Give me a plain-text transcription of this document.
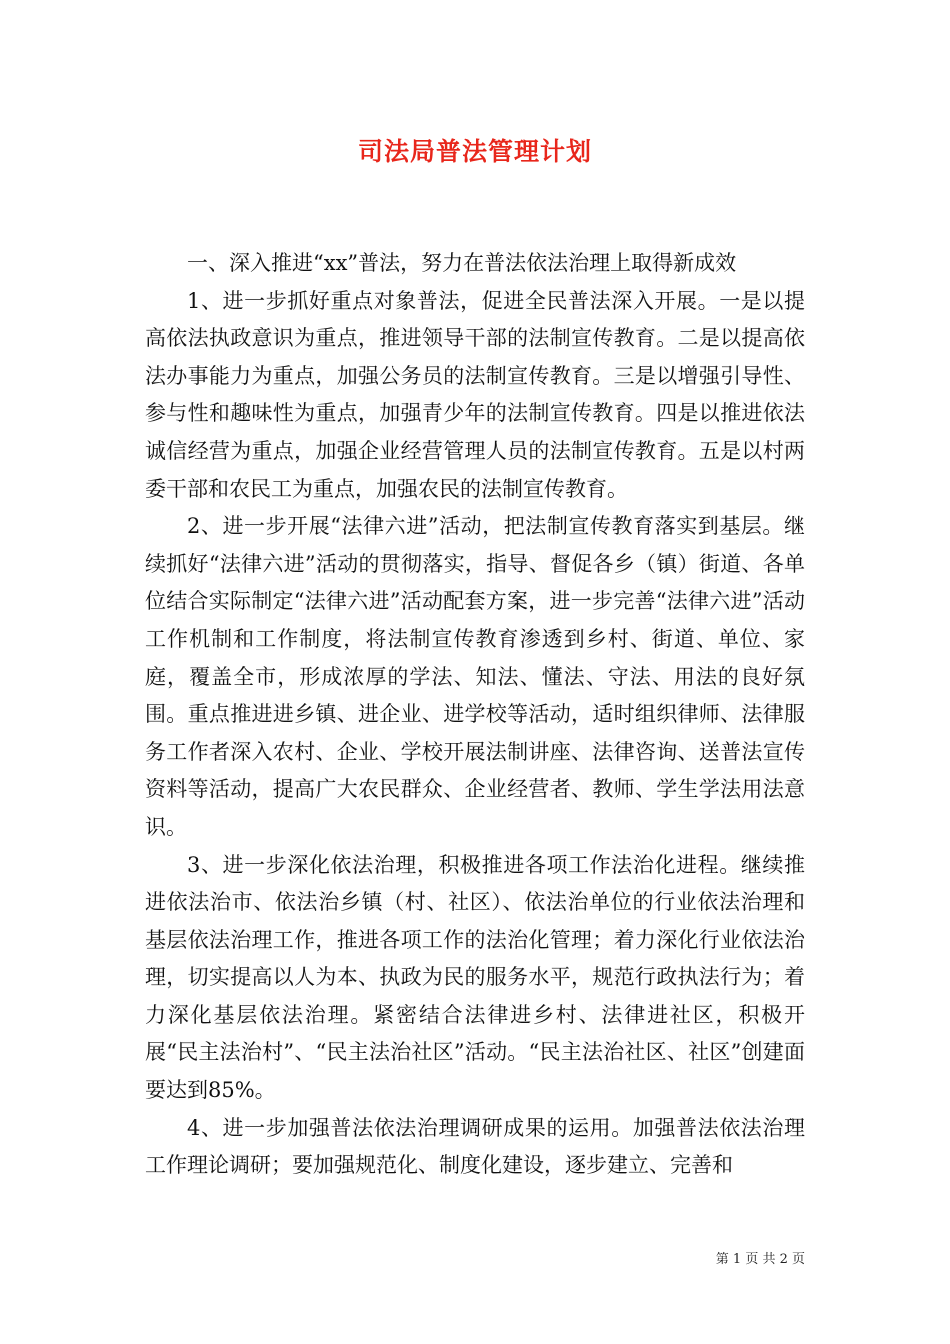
司法局普法管理计划

一、深入推进“xx”普法，努力在普法依法治理上取得新成效

1、进一步抓好重点对象普法，促进全民普法深入开展。一是以提高依法执政意识为重点，推进领导干部的法制宣传教育。二是以提高依法办事能力为重点，加强公务员的法制宣传教育。三是以增强引导性、参与性和趣味性为重点，加强青少年的法制宣传教育。四是以推进依法诚信经营为重点，加强企业经营管理人员的法制宣传教育。五是以村两委干部和农民工为重点，加强农民的法制宣传教育。

2、进一步开展“法律六进”活动，把法制宣传教育落实到基层。继续抓好“法律六进”活动的贯彻落实，指导、督促各乡（镇）街道、各单位结合实际制定“法律六进”活动配套方案，进一步完善“法律六进”活动工作机制和工作制度，将法制宣传教育渗透到乡村、街道、单位、家庭，覆盖全市，形成浓厚的学法、知法、懂法、守法、用法的良好氛围。重点推进进乡镇、进企业、进学校等活动，适时组织律师、法律服务工作者深入农村、企业、学校开展法制讲座、法律咨询、送普法宣传资料等活动，提高广大农民群众、企业经营者、教师、学生学法用法意识。

3、进一步深化依法治理，积极推进各项工作法治化进程。继续推进依法治市、依法治乡镇（村、社区）、依法治单位的行业依法治理和基层依法治理工作，推进各项工作的法治化管理；着力深化行业依法治理，切实提高以人为本、执政为民的服务水平，规范行政执法行为；着力深化基层依法治理。紧密结合法律进乡村、法律进社区，积极开展“民主法治村”、“民主法治社区”活动。“民主法治社区、社区”创建面要达到85%。

4、进一步加强普法依法治理调研成果的运用。加强普法依法治理工作理论调研；要加强规范化、制度化建设，逐步建立、完善和

第 1 页 共 2 页
